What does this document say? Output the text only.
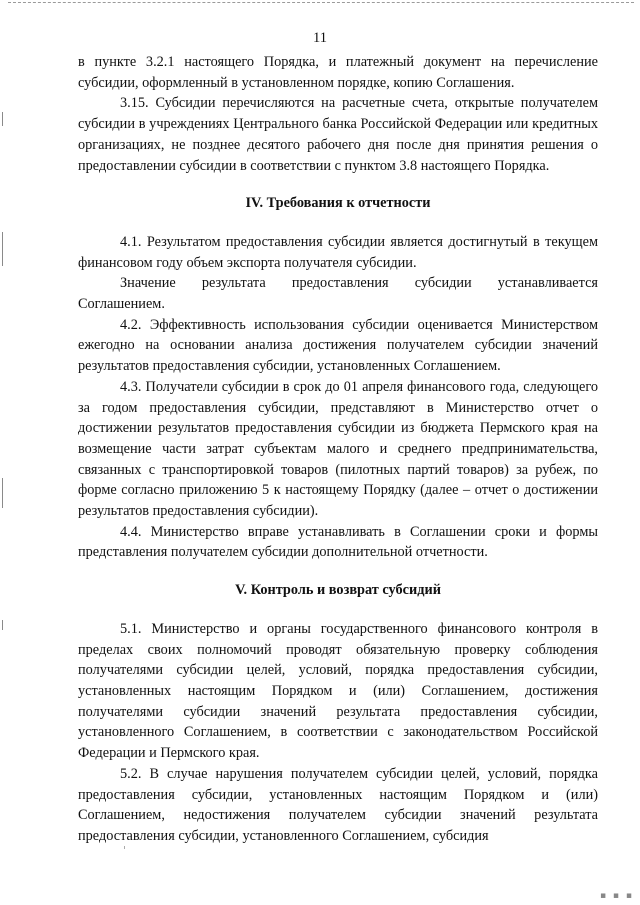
11

в пункте 3.2.1 настоящего Порядка, и платежный документ на перечисление субсидии, оформленный в установленном порядке, копию Соглашения.

3.15. Субсидии перечисляются на расчетные счета, открытые получателем субсидии в учреждениях Центрального банка Российской Федерации или кредитных организациях, не позднее десятого рабочего дня после дня принятия решения о предоставлении субсидии в соответствии с пунктом 3.8 настоящего Порядка.

IV. Требования к отчетности

4.1. Результатом предоставления субсидии является достигнутый в текущем финансовом году объем экспорта получателя субсидии.

Значение результата предоставления субсидии устанавливается Соглашением.

4.2. Эффективность использования субсидии оценивается Министерством ежегодно на основании анализа достижения получателем субсидии значений результатов предоставления субсидии, установленных Соглашением.

4.3. Получатели субсидии в срок до 01 апреля финансового года, следующего за годом предоставления субсидии, представляют в Министерство отчет о достижении результатов предоставления субсидии из бюджета Пермского края на возмещение части затрат субъектам малого и среднего предпринимательства, связанных с транспортировкой товаров (пилотных партий товаров) за рубеж, по форме согласно приложению 5 к настоящему Порядку (далее – отчет о достижении результатов предоставления субсидии).

4.4. Министерство вправе устанавливать в Соглашении сроки и формы представления получателем субсидии дополнительной отчетности.

V. Контроль и возврат субсидий

5.1. Министерство и органы государственного финансового контроля в пределах своих полномочий проводят обязательную проверку соблюдения получателями субсидии целей, условий, порядка предоставления субсидии, установленных настоящим Порядком и (или) Соглашением, достижения получателями субсидии значений результата предоставления субсидии, установленного Соглашением, в соответствии с законодательством Российской Федерации и Пермского края.

5.2. В случае нарушения получателем субсидии целей, условий, порядка предоставления субсидии, установленных настоящим Порядком и (или) Соглашением, недостижения получателем субсидии значений результата предоставления субсидии, установленного Соглашением, субсидия

▪ ▪ ▪
